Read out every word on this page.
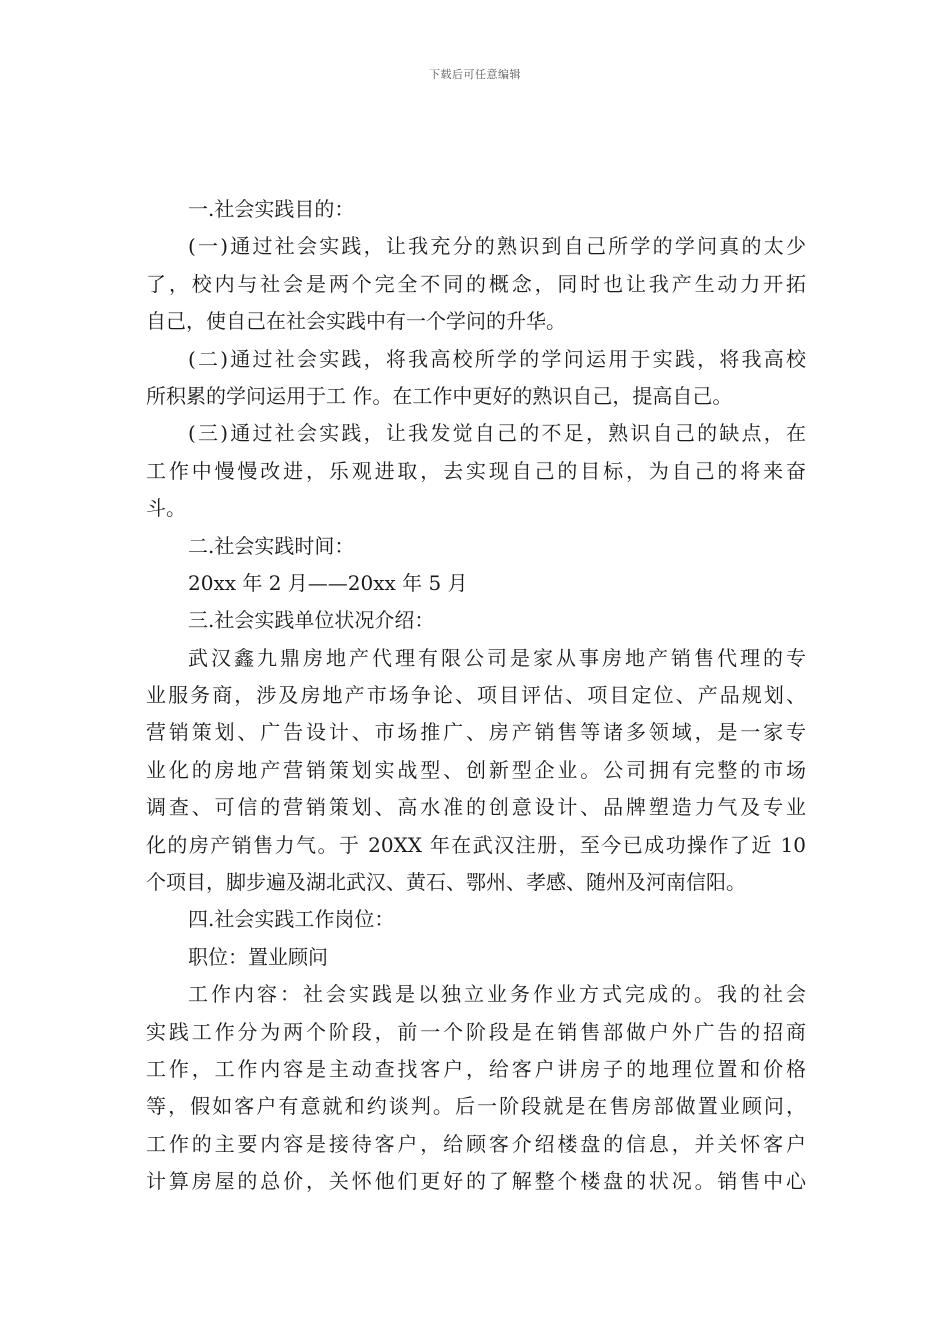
下载后可任意编辑
一.社会实践目的：
(一)通过社会实践，让我充分的熟识到自己所学的学问真的太少
了，校内与社会是两个完全不同的概念，同时也让我产生动力开拓
自己，使自己在社会实践中有一个学问的升华。
(二)通过社会实践，将我高校所学的学问运用于实践，将我高校
所积累的学问运用于工 作。在工作中更好的熟识自己，提高自己。
(三)通过社会实践，让我发觉自己的不足，熟识自己的缺点，在
工作中慢慢改进，乐观进取，去实现自己的目标，为自己的将来奋
斗。
二.社会实践时间：
20xx 年 2 月——20xx 年 5 月
三.社会实践单位状况介绍：
武汉鑫九鼎房地产代理有限公司是家从事房地产销售代理的专
业服务商，涉及房地产市场争论、项目评估、项目定位、产品规划、
营销策划、广告设计、市场推广、房产销售等诸多领域，是一家专
业化的房地产营销策划实战型、创新型企业。公司拥有完整的市场
调查、可信的营销策划、高水准的创意设计、品牌塑造力气及专业
化的房产销售力气。于 20XX 年在武汉注册，至今已成功操作了近 10
个项目，脚步遍及湖北武汉、黄石、鄂州、孝感、随州及河南信阳。
四.社会实践工作岗位：
职位：置业顾问
工作内容：社会实践是以独立业务作业方式完成的。我的社会
实践工作分为两个阶段，前一个阶段是在销售部做户外广告的招商
工作，工作内容是主动查找客户，给客户讲房子的地理位置和价格
等，假如客户有意就和约谈判。后一阶段就是在售房部做置业顾问，
工作的主要内容是接待客户，给顾客介绍楼盘的信息，并关怀客户
计算房屋的总价，关怀他们更好的了解整个楼盘的状况。销售中心
